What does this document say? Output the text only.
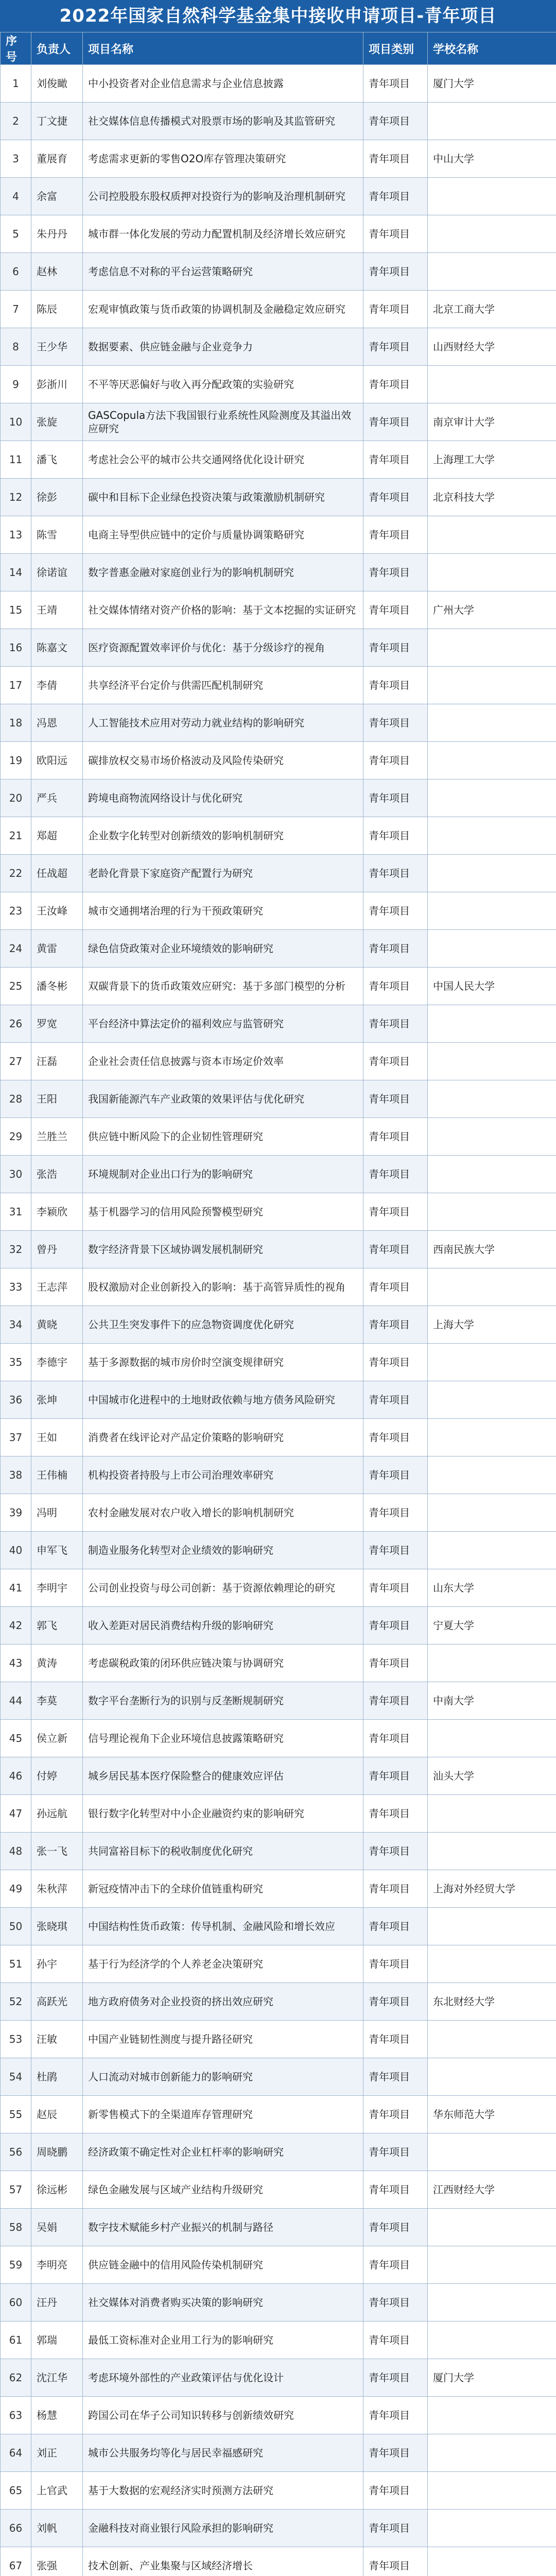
2022年国家自然科学基金集中接收申请项目-青年项目
序号	负责人	项目名称	项目类别	学校名称
1	刘俊瞰	中小投资者对企业信息需求与企业信息披露	青年项目	厦门大学
2	丁文捷	社交媒体信息传播模式对股票市场的影响及其监管研究	青年项目	
3	董展育	考虑需求更新的零售O2O库存管理决策研究	青年项目	中山大学
4	余富	公司控股股东股权质押对投资行为的影响及治理机制研究	青年项目	
5	朱丹丹	城市群一体化发展的劳动力配置机制及经济增长效应研究	青年项目	
6	赵林	考虑信息不对称的平台运营策略研究	青年项目	
7	陈辰	宏观审慎政策与货币政策的协调机制及金融稳定效应研究	青年项目	北京工商大学
8	王少华	数据要素、供应链金融与企业竞争力	青年项目	山西财经大学
9	彭浙川	不平等厌恶偏好与收入再分配政策的实验研究	青年项目	
10	张旋	GASCopula方法下我国银行业系统性风险测度及其溢出效应研究	青年项目	南京审计大学
11	潘飞	考虑社会公平的城市公共交通网络优化设计研究	青年项目	上海理工大学
12	徐彭	碳中和目标下企业绿色投资决策与政策激励机制研究	青年项目	北京科技大学
13	陈雪	电商主导型供应链中的定价与质量协调策略研究	青年项目	
14	徐诺谊	数字普惠金融对家庭创业行为的影响机制研究	青年项目	
15	王靖	社交媒体情绪对资产价格的影响：基于文本挖掘的实证研究	青年项目	广州大学
16	陈嘉文	医疗资源配置效率评价与优化：基于分级诊疗的视角	青年项目	
17	李倩	共享经济平台定价与供需匹配机制研究	青年项目	
18	冯恩	人工智能技术应用对劳动力就业结构的影响研究	青年项目	
19	欧阳远	碳排放权交易市场价格波动及风险传染研究	青年项目	
20	严兵	跨境电商物流网络设计与优化研究	青年项目	
21	郑超	企业数字化转型对创新绩效的影响机制研究	青年项目	
22	任战超	老龄化背景下家庭资产配置行为研究	青年项目	
23	王汝峰	城市交通拥堵治理的行为干预政策研究	青年项目	
24	黄雷	绿色信贷政策对企业环境绩效的影响研究	青年项目	
25	潘冬彬	双碳背景下的货币政策效应研究：基于多部门模型的分析	青年项目	中国人民大学
26	罗宽	平台经济中算法定价的福利效应与监管研究	青年项目	
27	汪磊	企业社会责任信息披露与资本市场定价效率	青年项目	
28	王阳	我国新能源汽车产业政策的效果评估与优化研究	青年项目	
29	兰胜兰	供应链中断风险下的企业韧性管理研究	青年项目	
30	张浩	环境规制对企业出口行为的影响研究	青年项目	
31	李颖欣	基于机器学习的信用风险预警模型研究	青年项目	
32	曾丹	数字经济背景下区域协调发展机制研究	青年项目	西南民族大学
33	王志萍	股权激励对企业创新投入的影响：基于高管异质性的视角	青年项目	
34	黄晓	公共卫生突发事件下的应急物资调度优化研究	青年项目	上海大学
35	李德宇	基于多源数据的城市房价时空演变规律研究	青年项目	
36	张坤	中国城市化进程中的土地财政依赖与地方债务风险研究	青年项目	
37	王如	消费者在线评论对产品定价策略的影响研究	青年项目	
38	王伟楠	机构投资者持股与上市公司治理效率研究	青年项目	
39	冯明	农村金融发展对农户收入增长的影响机制研究	青年项目	
40	申军飞	制造业服务化转型对企业绩效的影响研究	青年项目	
41	李明宇	公司创业投资与母公司创新：基于资源依赖理论的研究	青年项目	山东大学
42	郭飞	收入差距对居民消费结构升级的影响研究	青年项目	宁夏大学
43	黄涛	考虑碳税政策的闭环供应链决策与协调研究	青年项目	
44	李莫	数字平台垄断行为的识别与反垄断规制研究	青年项目	中南大学
45	侯立新	信号理论视角下企业环境信息披露策略研究	青年项目	
46	付婷	城乡居民基本医疗保险整合的健康效应评估	青年项目	汕头大学
47	孙远航	银行数字化转型对中小企业融资约束的影响研究	青年项目	
48	张一飞	共同富裕目标下的税收制度优化研究	青年项目	
49	朱秋萍	新冠疫情冲击下的全球价值链重构研究	青年项目	上海对外经贸大学
50	张晓琪	中国结构性货币政策：传导机制、金融风险和增长效应	青年项目	
51	孙宇	基于行为经济学的个人养老金决策研究	青年项目	
52	高跃光	地方政府债务对企业投资的挤出效应研究	青年项目	东北财经大学
53	汪敏	中国产业链韧性测度与提升路径研究	青年项目	
54	杜鹃	人口流动对城市创新能力的影响研究	青年项目	
55	赵辰	新零售模式下的全渠道库存管理研究	青年项目	华东师范大学
56	周晓鹏	经济政策不确定性对企业杠杆率的影响研究	青年项目	
57	徐远彬	绿色金融发展与区域产业结构升级研究	青年项目	江西财经大学
58	吴娟	数字技术赋能乡村产业振兴的机制与路径	青年项目	
59	李明亮	供应链金融中的信用风险传染机制研究	青年项目	
60	汪丹	社交媒体对消费者购买决策的影响研究	青年项目	
61	郭瑞	最低工资标准对企业用工行为的影响研究	青年项目	
62	沈江华	考虑环境外部性的产业政策评估与优化设计	青年项目	厦门大学
63	杨慧	跨国公司在华子公司知识转移与创新绩效研究	青年项目	
64	刘正	城市公共服务均等化与居民幸福感研究	青年项目	
65	上官武	基于大数据的宏观经济实时预测方法研究	青年项目	
66	刘帆	金融科技对商业银行风险承担的影响研究	青年项目	
67	张强	技术创新、产业集聚与区域经济增长	青年项目	
